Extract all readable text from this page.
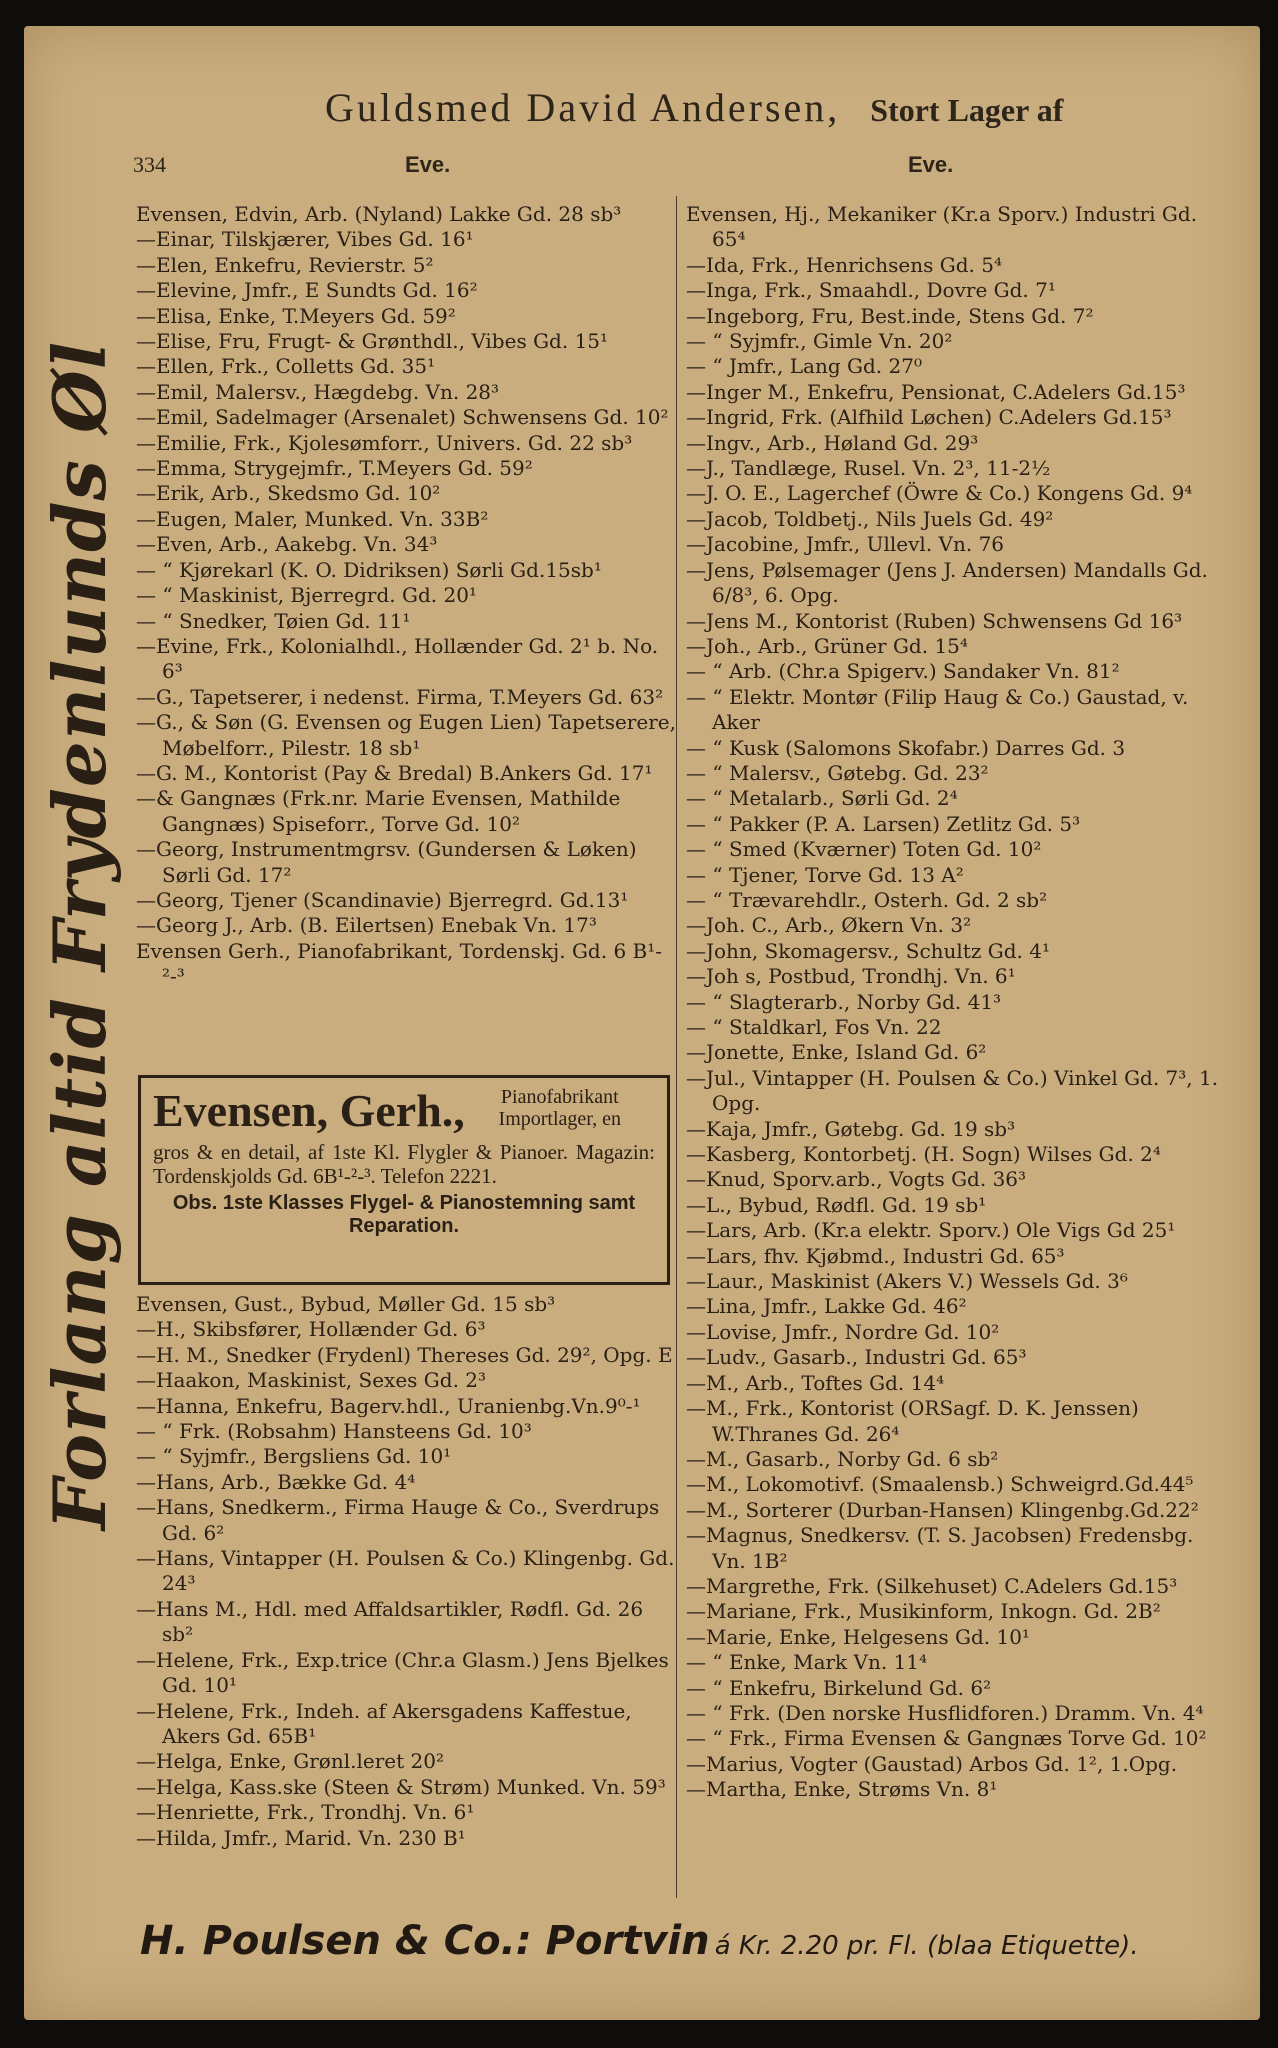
Guldsmed David Andersen, Stort Lager af
334	Eve.	Eve.
Forlang altid Frydenlunds Øl

Evensen, Edvin, Arb. (Nyland) Lakke Gd. 28 sb³

—Einar, Tilskjærer, Vibes Gd. 16¹

—Elen, Enkefru, Revierstr. 5²

—Elevine, Jmfr., E Sundts Gd. 16²

—Elisa, Enke, T.Meyers Gd. 59²

—Elise, Fru, Frugt- & Grønthdl., Vibes Gd. 15¹

—Ellen, Frk., Colletts Gd. 35¹

—Emil, Malersv., Hægdebg. Vn. 28³

—Emil, Sadelmager (Arsenalet) Schwensens Gd. 10²

—Emilie, Frk., Kjolesømforr., Univers. Gd. 22 sb³

—Emma, Strygejmfr., T.Meyers Gd. 59²

—Erik, Arb., Skedsmo Gd. 10²

—Eugen, Maler, Munked. Vn. 33B²

—Even, Arb., Aakebg. Vn. 34³

— “ Kjørekarl (K. O. Didriksen) Sørli Gd.15sb¹

— “ Maskinist, Bjerregrd. Gd. 20¹

— “ Snedker, Tøien Gd. 11¹

—Evine, Frk., Kolonialhdl., Hollænder Gd. 2¹ b. No. 6³

—G., Tapetserer, i nedenst. Firma, T.Meyers Gd. 63²

—G., & Søn (G. Evensen og Eugen Lien) Tapetserere, Møbelforr., Pilestr. 18 sb¹

—G. M., Kontorist (Pay & Bredal) B.Ankers Gd. 17¹

—& Gangnæs (Frk.nr. Marie Evensen, Mathilde Gangnæs) Spiseforr., Torve Gd. 10²

—Georg, Instrumentmgrsv. (Gundersen & Løken) Sørli Gd. 17²

—Georg, Tjener (Scandinavie) Bjerregrd. Gd.13¹

—Georg J., Arb. (B. Eilertsen) Enebak Vn. 17³

Evensen Gerh., Pianofabrikant, Tordenskj. Gd. 6 B¹-²-³

Evensen, Gerh., Pianofabrikant Importlager, en
gros & en detail, af 1ste Kl. Flygler & Pianoer. Magazin: Tordenskjolds Gd. 6B¹-²-³. Telefon 2221.
Obs. 1ste Klasses Flygel- & Pianostemning samt Reparation.

Evensen, Gust., Bybud, Møller Gd. 15 sb³

—H., Skibsfører, Hollænder Gd. 6³

—H. M., Snedker (Frydenl) Thereses Gd. 29², Opg. E

—Haakon, Maskinist, Sexes Gd. 2³

—Hanna, Enkefru, Bagerv.hdl., Uranienbg.Vn.9⁰-¹

— “ Frk. (Robsahm) Hansteens Gd. 10³

— “ Syjmfr., Bergsliens Gd. 10¹

—Hans, Arb., Bække Gd. 4⁴

—Hans, Snedkerm., Firma Hauge & Co., Sverdrups Gd. 6²

—Hans, Vintapper (H. Poulsen & Co.) Klingenbg. Gd. 24³

—Hans M., Hdl. med Affaldsartikler, Rødfl. Gd. 26 sb²

—Helene, Frk., Exp.trice (Chr.a Glasm.) Jens Bjelkes Gd. 10¹

—Helene, Frk., Indeh. af Akersgadens Kaffestue, Akers Gd. 65B¹

—Helga, Enke, Grønl.leret 20²

—Helga, Kass.ske (Steen & Strøm) Munked. Vn. 59³

—Henriette, Frk., Trondhj. Vn. 6¹

—Hilda, Jmfr., Marid. Vn. 230 B¹

Evensen, Hj., Mekaniker (Kr.a Sporv.) Industri Gd. 65⁴

—Ida, Frk., Henrichsens Gd. 5⁴

—Inga, Frk., Smaahdl., Dovre Gd. 7¹

—Ingeborg, Fru, Best.inde, Stens Gd. 7²

— “ Syjmfr., Gimle Vn. 20²

— “ Jmfr., Lang Gd. 27⁰

—Inger M., Enkefru, Pensionat, C.Adelers Gd.15³

—Ingrid, Frk. (Alfhild Løchen) C.Adelers Gd.15³

—Ingv., Arb., Høland Gd. 29³

—J., Tandlæge, Rusel. Vn. 2³, 11-2½

—J. O. E., Lagerchef (Öwre & Co.) Kongens Gd. 9⁴

—Jacob, Toldbetj., Nils Juels Gd. 49²

—Jacobine, Jmfr., Ullevl. Vn. 76

—Jens, Pølsemager (Jens J. Andersen) Mandalls Gd. 6/8³, 6. Opg.

—Jens M., Kontorist (Ruben) Schwensens Gd 16³

—Joh., Arb., Grüner Gd. 15⁴

— “ Arb. (Chr.a Spigerv.) Sandaker Vn. 81²

— “ Elektr. Montør (Filip Haug & Co.) Gaustad, v. Aker

— “ Kusk (Salomons Skofabr.) Darres Gd. 3

— “ Malersv., Gøtebg. Gd. 23²

— “ Metalarb., Sørli Gd. 2⁴

— “ Pakker (P. A. Larsen) Zetlitz Gd. 5³

— “ Smed (Kværner) Toten Gd. 10²

— “ Tjener, Torve Gd. 13 A²

— “ Trævarehdlr., Osterh. Gd. 2 sb²

—Joh. C., Arb., Økern Vn. 3²

—John, Skomagersv., Schultz Gd. 4¹

—Joh s, Postbud, Trondhj. Vn. 6¹

— “ Slagterarb., Norby Gd. 41³

— “ Staldkarl, Fos Vn. 22

—Jonette, Enke, Island Gd. 6²

—Jul., Vintapper (H. Poulsen & Co.) Vinkel Gd. 7³, 1. Opg.

—Kaja, Jmfr., Gøtebg. Gd. 19 sb³

—Kasberg, Kontorbetj. (H. Sogn) Wilses Gd. 2⁴

—Knud, Sporv.arb., Vogts Gd. 36³

—L., Bybud, Rødfl. Gd. 19 sb¹

—Lars, Arb. (Kr.a elektr. Sporv.) Ole Vigs Gd 25¹

—Lars, fhv. Kjøbmd., Industri Gd. 65³

—Laur., Maskinist (Akers V.) Wessels Gd. 3⁶

—Lina, Jmfr., Lakke Gd. 46²

—Lovise, Jmfr., Nordre Gd. 10²

—Ludv., Gasarb., Industri Gd. 65³

—M., Arb., Toftes Gd. 14⁴

—M., Frk., Kontorist (ORSagf. D. K. Jenssen) W.Thranes Gd. 26⁴

—M., Gasarb., Norby Gd. 6 sb²

—M., Lokomotivf. (Smaalensb.) Schweigrd.Gd.44⁵

—M., Sorterer (Durban-Hansen) Klingenbg.Gd.22²

—Magnus, Snedkersv. (T. S. Jacobsen) Fredensbg. Vn. 1B²

—Margrethe, Frk. (Silkehuset) C.Adelers Gd.15³

—Mariane, Frk., Musikinform, Inkogn. Gd. 2B²

—Marie, Enke, Helgesens Gd. 10¹

— “ Enke, Mark Vn. 11⁴

— “ Enkefru, Birkelund Gd. 6²

— “ Frk. (Den norske Husflidforen.) Dramm. Vn. 4⁴

— “ Frk., Firma Evensen & Gangnæs Torve Gd. 10²

—Marius, Vogter (Gaustad) Arbos Gd. 1², 1.Opg.

—Martha, Enke, Strøms Vn. 8¹

H. Poulsen & Co.: Portvin á Kr. 2.20 pr. Fl. (blaa Etiquette).
